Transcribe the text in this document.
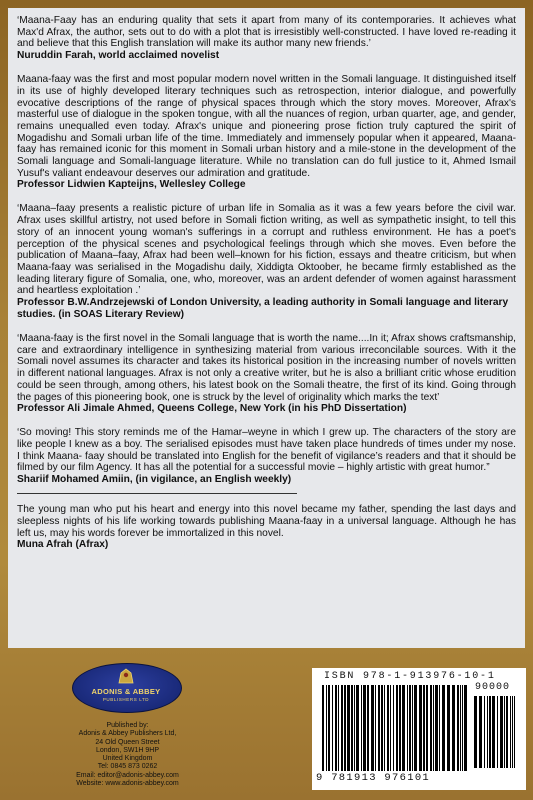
‘Maana-Faay has an enduring quality that sets it apart from many of its contemporaries. It achieves what Max'd Afrax, the author, sets out to do with a plot that is irresistibly well-constructed. I have loved re-reading it and believe that this English translation will make its author many new friends.’

Nuruddin Farah, world acclaimed novelist

Maana-faay was the first and most popular modern novel written in the Somali language. It distinguished itself in its use of highly developed literary techniques such as retrospection, interior dialogue, and powerfully evocative descriptions of the range of physical spaces through which the story moves. Moreover, Afrax's masterful use of dialogue in the spoken tongue, with all the nuances of region, urban quarter, age, and gender, remains unequalled even today. Afrax's unique and pioneering prose fiction truly captured the spirit of Mogadishu and Somali urban life of the time. Immediately and immensely popular when it appeared, Maana-faay has remained iconic for this moment in Somali urban history and a mile-stone in the development of the Somali language and Somali-language literature. While no translation can do full justice to it, Ahmed Ismail Yusuf's valiant endeavour deserves our admiration and gratitude.

Professor Lidwien Kapteijns, Wellesley College

‘Maana–faay presents a realistic picture of urban life in Somalia as it was a few years before the civil war. Afrax uses skillful artistry, not used before in Somali fiction writing, as well as sympathetic insight, to tell this story of an innocent young woman's sufferings in a corrupt and ruthless environment. He has a poet's perception of the physical scenes and psychological feelings through which she moves. Even before the publication of Maana–faay, Afrax had been well–known for his fiction, essays and theatre criticism, but when Maana-faay was serialised in the Mogadishu daily, Xiddigta Oktoober, he became firmly established as the leading literary figure of Somalia, one, who, moreover, was an ardent defender of women against harassment and heartless exploitation .’

Professor B.W.Andrzejewski of London University, a leading authority in Somali language and literary studies. (in SOAS Literary Review)

‘Maana-faay is the first novel in the Somali language that is worth the name....In it; Afrax shows craftsmanship, care and extraordinary intelligence in synthesizing material from various irreconcilable sources. With it the Somali novel assumes its character and takes its historical position in the increasing number of novels written in different national languages. Afrax is not only a creative writer, but he is also a brilliant critic whose erudition could be seen through, among others, his latest book on the Somali theatre, the first of its kind. Going through the pages of this pioneering book, one is struck by the level of originality which marks the text’

Professor Ali Jimale Ahmed, Queens College, New York (in his PhD Dissertation)

‘So moving! This story reminds me of the Hamar–weyne in which I grew up. The characters of the story are like people I knew as a boy. The serialised episodes must have taken place hundreds of times under my nose. I think Maana- faay should be translated into English for the benefit of vigilance’s readers and that it should be filmed by our film Agency. It has all the potential for a successful movie – highly artistic with great humor.”

Shariif Mohamed Amiin, (in vigilance, an English weekly)

The young man who put his heart and energy into this novel became my father, spending the last days and sleepless nights of his life working towards publishing Maana-faay in a universal language. Although he has left us, may his words forever be immortalized in this novel.

Muna Afrah (Afrax)

ADONIS & ABBEY
PUBLISHERS LTD
Published by:
Adonis & Abbey Publishers Ltd,
24 Old Queen Street
London, SW1H 9HP
United Kingdom
Tel: 0845 873 0262
Email: editor@adonis-abbey.com
Website: www.adonis-abbey.com
ISBN 978-1-913976-10-1
90000
9 781913 976101
